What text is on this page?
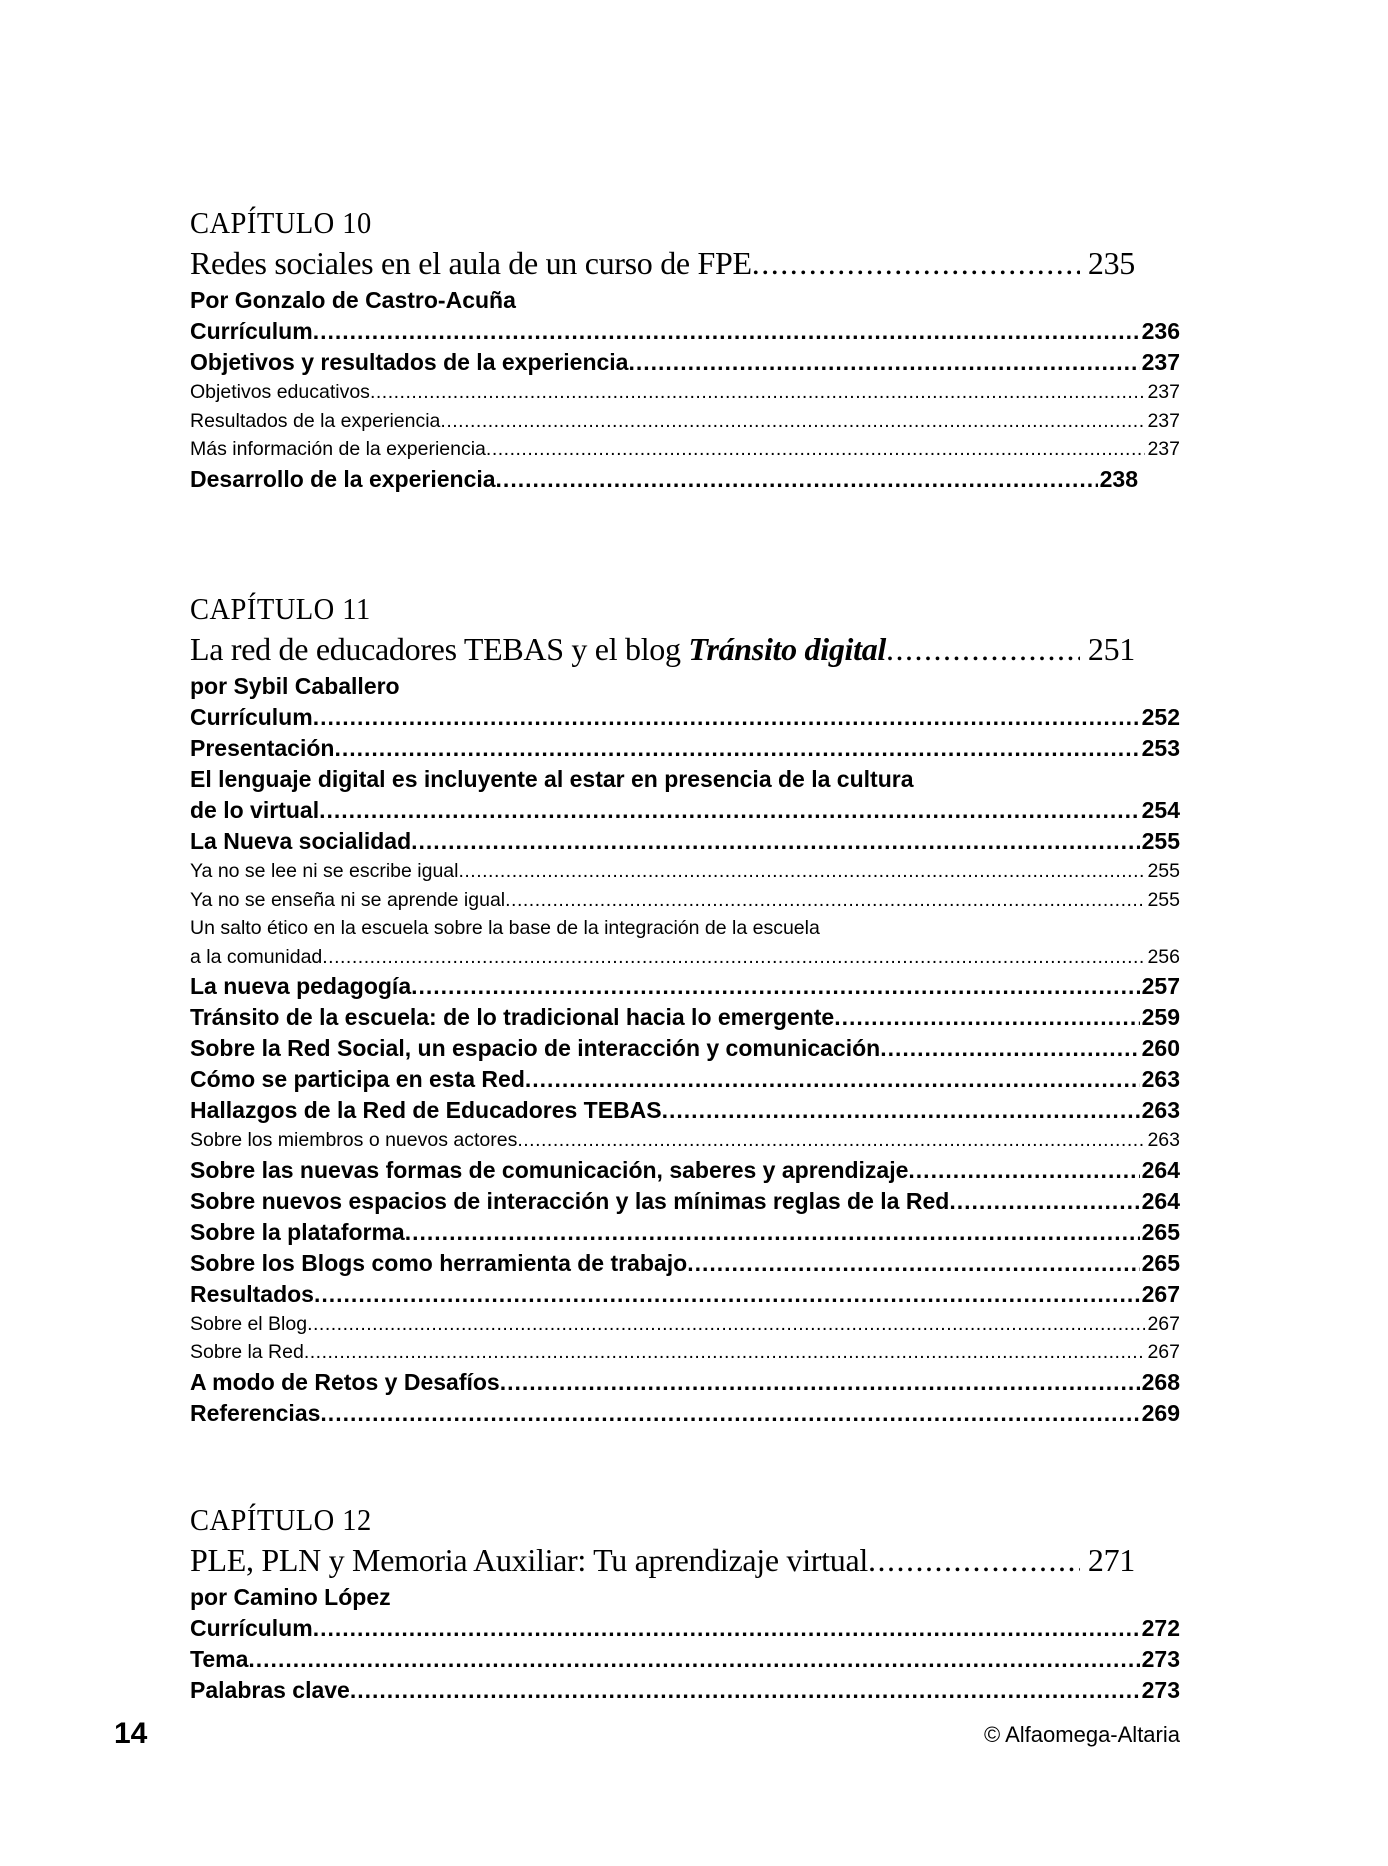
CAPÍTULO 10
Redes sociales en el aula de un curso de FPE .....	235
Por Gonzalo de Castro-Acuña
Currículum .....	236
Objetivos y resultados de la experiencia .....	237
Objetivos educativos .....	237
Resultados de la experiencia .....	237
Más información de la experiencia .....	237
Desarrollo de la experiencia .....	238
CAPÍTULO 11
La red de educadores TEBAS y el blog Tránsito digital .....	251
por Sybil Caballero
Currículum .....	252
Presentación .....	253
El lenguaje digital es incluyente al estar en presencia de la cultura
de lo virtual .....	254
La Nueva socialidad .....	255
Ya no se lee ni se escribe igual .....	255
Ya no se enseña ni se aprende igual .....	255
Un salto ético en la escuela sobre la base de la integración de la escuela
a la comunidad .....	256
La nueva pedagogía .....	257
Tránsito de la escuela: de lo tradicional hacia lo emergente .....	259
Sobre la Red Social, un espacio de interacción y comunicación .....	260
Cómo se participa en esta Red .....	263
Hallazgos de la Red de Educadores TEBAS .....	263
Sobre los miembros o nuevos actores .....	263
Sobre las nuevas formas de comunicación, saberes y aprendizaje .....	264
Sobre nuevos espacios de interacción y las mínimas reglas de la Red .....	264
Sobre la plataforma .....	265
Sobre los Blogs como herramienta de trabajo .....	265
Resultados .....	267
Sobre el Blog .....	267
Sobre la Red .....	267
A modo de Retos y Desafíos .....	268
Referencias .....	269
CAPÍTULO 12
PLE, PLN y Memoria Auxiliar: Tu aprendizaje virtual .....	271
por Camino López
Currículum .....	272
Tema .....	273
Palabras clave .....	273
14	© Alfaomega-Altaria
